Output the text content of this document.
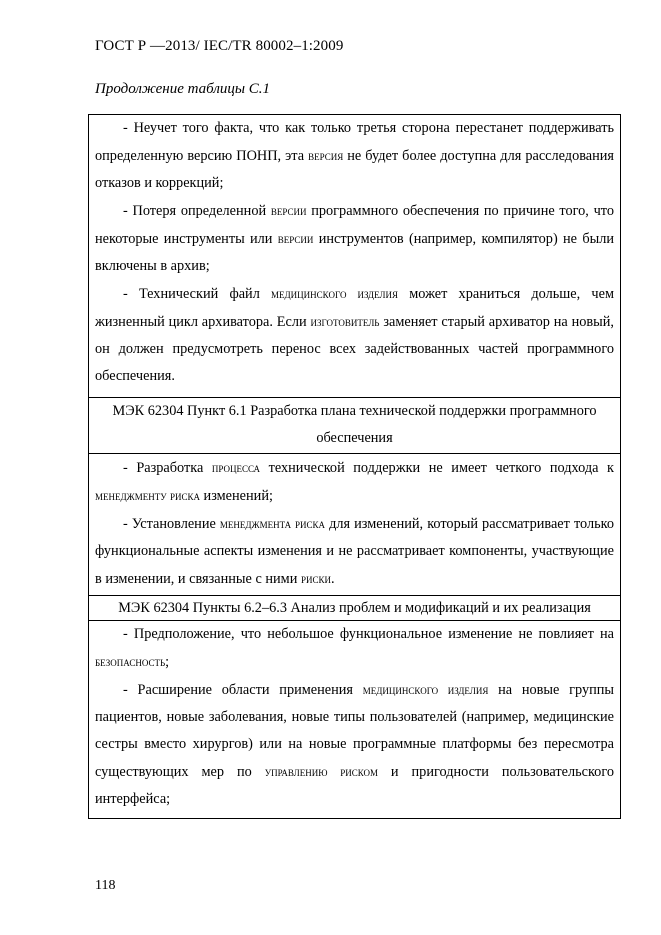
ГОСТ Р —2013/ IEC/TR 80002–1:2009
Продолжение таблицы С.1

- Неучет того факта, что как только третья сторона перестанет поддерживать определенную версию ПОНП, эта версия не будет более доступна для расследования отказов и коррекций;

- Потеря определенной версии программного обеспечения по причине того, что некоторые инструменты или версии инструментов (например, компилятор) не были включены в архив;

- Технический файл медицинского изделия может храниться дольше, чем жизненный цикл архиватора. Если изготовитель заменяет старый архиватор на новый, он должен предусмотреть перенос всех задействованных частей программного обеспечения.

МЭК 62304 Пункт 6.1 Разработка плана технической поддержки программного обеспечения

- Разработка процесса технической поддержки не имеет четкого подхода к менеджменту риска изменений;

- Установление менеджмента риска для изменений, который рассматривает только функциональные аспекты изменения и не рассматривает компоненты, участвующие в изменении, и связанные с ними риски.

МЭК 62304 Пункты 6.2–6.3 Анализ проблем и модификаций и их реализация

- Предположение, что небольшое функциональное изменение не повлияет на безопасность;

- Расширение области применения медицинского изделия на новые группы пациентов, новые заболевания, новые типы пользователей (например, медицинские сестры вместо хирургов) или на новые программные платформы без пересмотра существующих мер по управлению риском и пригодности пользовательского интерфейса;

118
